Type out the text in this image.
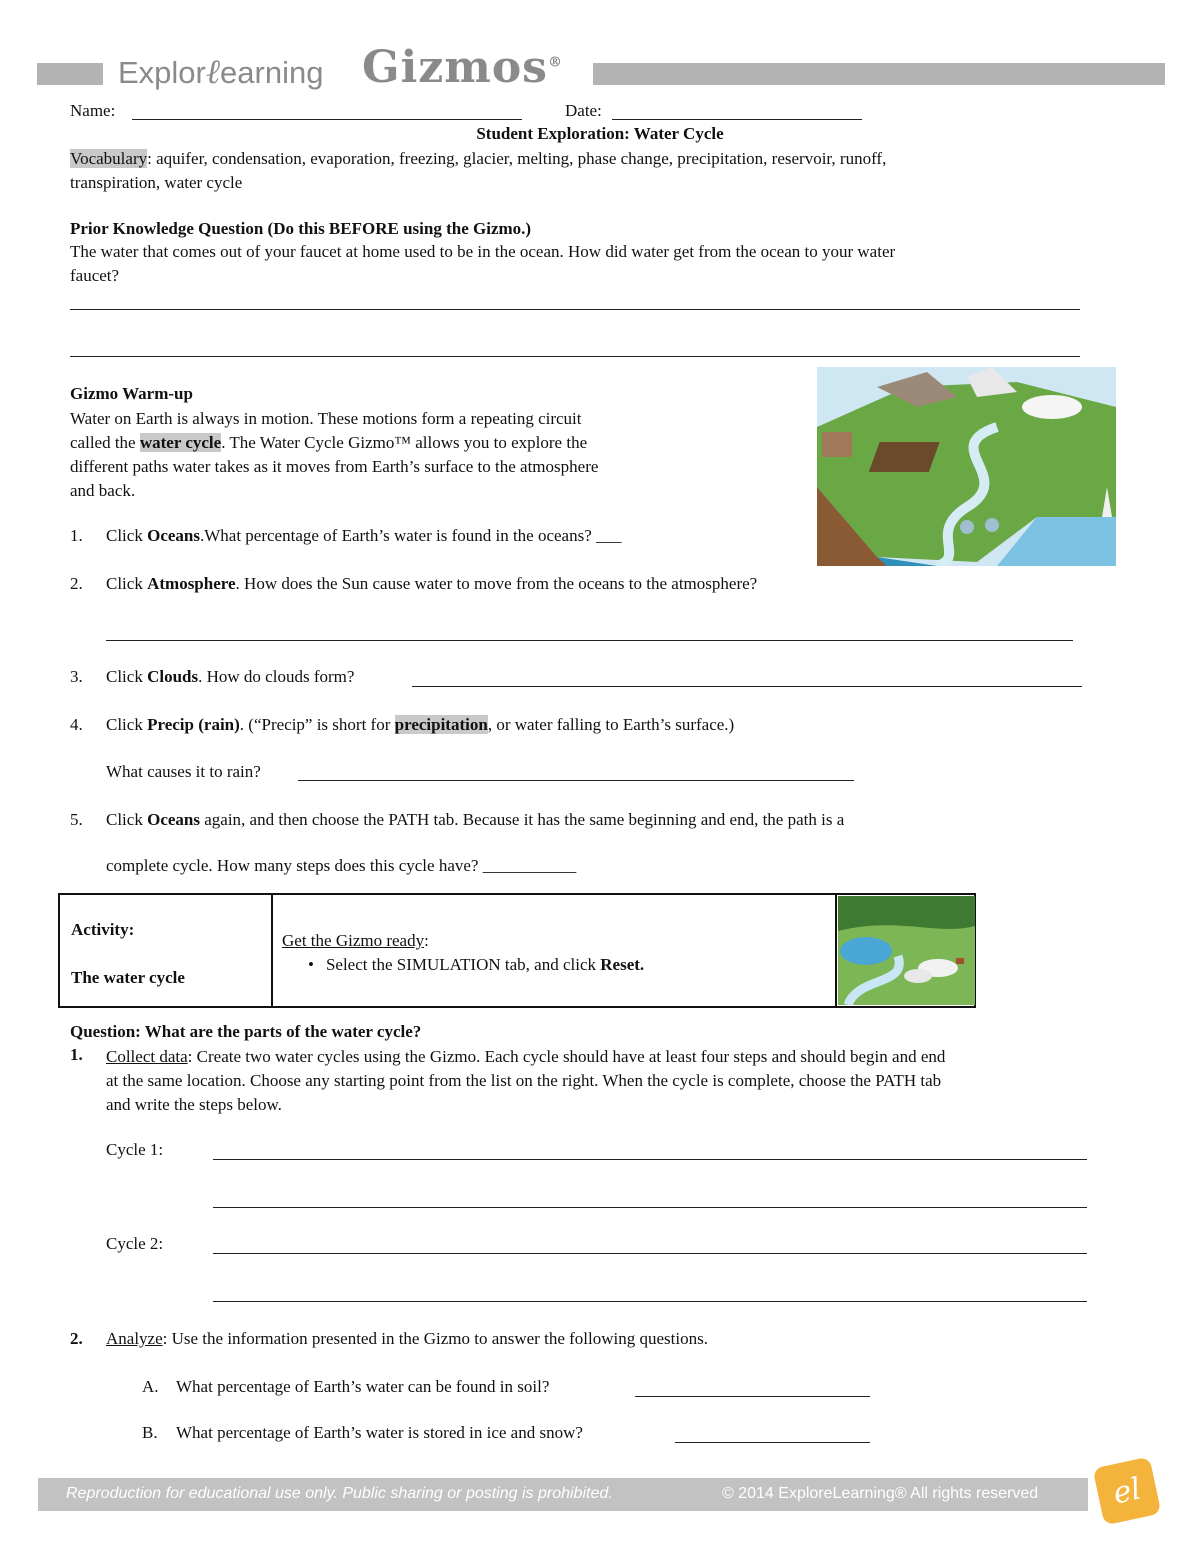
Explorℓearning Gizmos®
Name:	Date:
Student Exploration: Water Cycle
Vocabulary: aquifer, condensation, evaporation, freezing, glacier, melting, phase change, precipitation, reservoir, runoff,
transpiration, water cycle
Prior Knowledge Question (Do this BEFORE using the Gizmo.)
The water that comes out of your faucet at home used to be in the ocean. How did water get from the ocean to your water
faucet?
Gizmo Warm-up
Water on Earth is always in motion. These motions form a repeating circuit
called the water cycle. The Water Cycle Gizmo™ allows you to explore the
different paths water takes as it moves from Earth’s surface to the atmosphere
and back.
1.	Click Oceans.What percentage of Earth’s water is found in the oceans? ___
2.	Click Atmosphere. How does the Sun cause water to move from the oceans to the atmosphere?
3.	Click Clouds. How do clouds form?
4.	Click Precip (rain). (“Precip” is short for precipitation, or water falling to Earth’s surface.)
What causes it to rain?
5.	Click Oceans again, and then choose the PATH tab. Because it has the same beginning and end, the path is a
complete cycle. How many steps does this cycle have? ___________
Activity:
The water cycle
Get the Gizmo ready:
• Select the SIMULATION tab, and click Reset.
Question: What are the parts of the water cycle?
1.	Collect data: Create two water cycles using the Gizmo. Each cycle should have at least four steps and should begin and end
at the same location. Choose any starting point from the list on the right. When the cycle is complete, choose the PATH tab
and write the steps below.
Cycle 1:
Cycle 2:
2.	Analyze: Use the information presented in the Gizmo to answer the following questions.
A. What percentage of Earth’s water can be found in soil?
B. What percentage of Earth’s water is stored in ice and snow?
Reproduction for educational use only. Public sharing or posting is prohibited.	© 2014 ExploreLearning® All rights reserved el
